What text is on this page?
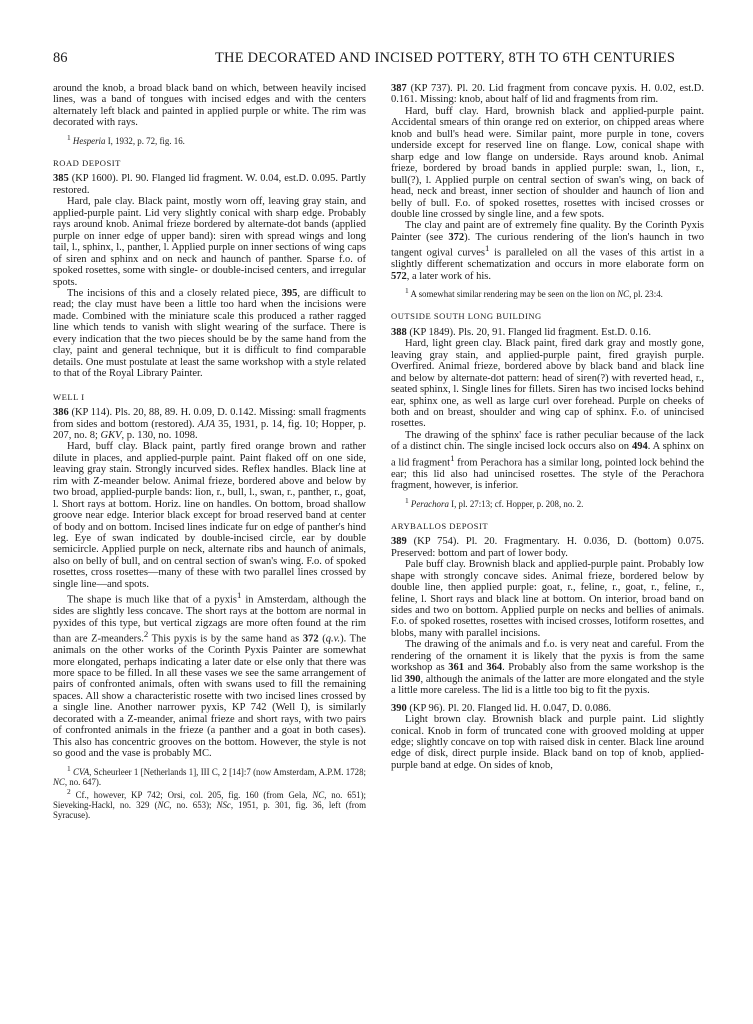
86	THE DECORATED AND INCISED POTTERY, 8TH TO 6TH CENTURIES

around the knob, a broad black band on which, between heavily incised lines, was a band of tongues with incised edges and with the centers alternately left black and painted in applied purple or white. The rim was decorated with rays.

$^1$ Hesperia I, 1932, p. 72, fig. 16.

ROAD DEPOSIT

385 (KP 1600). Pl. 90. Flanged lid fragment. W. 0.04, est.D. 0.095. Partly restored.

Hard, pale clay. Black paint, mostly worn off, leaving gray stain, and applied-purple paint. Lid very slightly conical with sharp edge. Probably rays around knob. Animal frieze bordered by alternate-dot bands (applied purple on inner edge of upper band): siren with spread wings and long tail, l., sphinx, l., panther, l. Applied purple on inner sections of wing caps of siren and sphinx and on neck and haunch of panther. Sparse f.o. of spoked rosettes, some with single- or double-incised centers, and irregular spots.

The incisions of this and a closely related piece, 395, are difficult to read; the clay must have been a little too hard when the incisions were made. Combined with the miniature scale this produced a rather ragged line which tends to vanish with slight wearing of the surface. There is every indication that the two pieces should be by the same hand from the clay, paint and general technique, but it is difficult to find comparable details. One must postulate at least the same workshop with a style related to that of the Royal Library Painter.

WELL I

386 (KP 114). Pls. 20, 88, 89. H. 0.09, D. 0.142. Missing: small fragments from sides and bottom (restored). AJA 35, 1931, p. 14, fig. 10; Hopper, p. 207, no. 8; GKV, p. 130, no. 1098.

Hard, buff clay. Black paint, partly fired orange brown and rather dilute in places, and applied-purple paint. Paint flaked off on one side, leaving gray stain. Strongly incurved sides. Reflex handles. Black line at rim with Z-meander below. Animal frieze, bordered above and below by two broad, applied-purple bands: lion, r., bull, l., swan, r., panther, r., goat, l. Short rays at bottom. Horiz. line on handles. On bottom, broad shallow groove near edge. Interior black except for broad reserved band at center of body and on bottom. Incised lines indicate fur on edge of panther's hind leg. Eye of swan indicated by double-incised circle, ear by double semicircle. Applied purple on neck, alternate ribs and haunch of animals, also on belly of bull, and on central section of swan's wing. F.o. of spoked rosettes, cross rosettes—many of these with two parallel lines crossed by single line—and spots.

The shape is much like that of a pyxis$^1$ in Amsterdam, although the sides are slightly less concave. The short rays at the bottom are normal in pyxides of this type, but vertical zigzags are more often found at the rim than are Z-meanders.$^2$ This pyxis is by the same hand as 372 (q.v.). The animals on the other works of the Corinth Pyxis Painter are somewhat more elongated, perhaps indicating a later date or else only that there was more space to be filled. In all these vases we see the same arrangement of pairs of confronted animals, often with swans used to fill the remaining spaces. All show a characteristic rosette with two incised lines crossed by a single line. Another narrower pyxis, KP 742 (Well I), is similarly decorated with a Z-meander, animal frieze and short rays, with two pairs of confronted animals in the frieze (a panther and a goat in both cases). This also has concentric grooves on the bottom. However, the style is not so good and the vase is probably MC.

$^1$ CVA, Scheurleer 1 [Netherlands 1], III C, 2 [14]:7 (now Amsterdam, A.P.M. 1728; NC, no. 647).

$^2$ Cf., however, KP 742; Orsi, col. 205, fig. 160 (from Gela, NC, no. 651); Sieveking-Hackl, no. 329 (NC, no. 653); NSc, 1951, p. 301, fig. 36, left (from Syracuse).

387 (KP 737). Pl. 20. Lid fragment from concave pyxis. H. 0.02, est.D. 0.161. Missing: knob, about half of lid and fragments from rim.

Hard, buff clay. Hard, brownish black and applied-purple paint. Accidental smears of thin orange red on exterior, on chipped areas where knob and bull's head were. Similar paint, more purple in tone, covers underside except for reserved line on flange. Low, conical shape with sharp edge and low flange on underside. Rays around knob. Animal frieze, bordered by broad bands in applied purple: swan, l., lion, r., bull(?), l. Applied purple on central section of swan's wing, on back of head, neck and breast, inner section of shoulder and haunch of lion and belly of bull. F.o. of spoked rosettes, rosettes with incised crosses or double line crossed by single line, and a few spots.

The clay and paint are of extremely fine quality. By the Corinth Pyxis Painter (see 372). The curious rendering of the lion's haunch in two tangent ogival curves$^1$ is paralleled on all the vases of this artist in a slightly different schematization and occurs in more elaborate form on 572, a later work of his.

$^1$ A somewhat similar rendering may be seen on the lion on NC, pl. 23:4.

OUTSIDE SOUTH LONG BUILDING

388 (KP 1849). Pls. 20, 91. Flanged lid fragment. Est.D. 0.16.

Hard, light green clay. Black paint, fired dark gray and mostly gone, leaving gray stain, and applied-purple paint, fired grayish purple. Overfired. Animal frieze, bordered above by black band and black line and below by alternate-dot pattern: head of siren(?) with reverted head, r., seated sphinx, l. Single lines for fillets. Siren has two incised locks behind ear, sphinx one, as well as large curl over forehead. Purple on cheeks of both and on breast, shoulder and wing cap of sphinx. F.o. of unincised rosettes.

The drawing of the sphinx' face is rather peculiar because of the lack of a distinct chin. The single incised lock occurs also on 494. A sphinx on a lid fragment$^1$ from Perachora has a similar long, pointed lock behind the ear; this lid also had unincised rosettes. The style of the Perachora fragment, however, is inferior.

$^1$ Perachora I, pl. 27:13; cf. Hopper, p. 208, no. 2.

ARYBALLOS DEPOSIT

389 (KP 754). Pl. 20. Fragmentary. H. 0.036, D. (bottom) 0.075. Preserved: bottom and part of lower body.

Pale buff clay. Brownish black and applied-purple paint. Probably low shape with strongly concave sides. Animal frieze, bordered below by double line, then applied purple: goat, r., feline, r., goat, r., feline, r., feline, l. Short rays and black line at bottom. On interior, broad band on sides and two on bottom. Applied purple on necks and bellies of animals. F.o. of spoked rosettes, rosettes with incised crosses, lotiform rosettes, and blobs, many with parallel incisions.

The drawing of the animals and f.o. is very neat and careful. From the rendering of the ornament it is likely that the pyxis is from the same workshop as 361 and 364. Probably also from the same workshop is the lid 390, although the animals of the latter are more elongated and the style a little more careless. The lid is a little too big to fit the pyxis.

390 (KP 96). Pl. 20. Flanged lid. H. 0.047, D. 0.086.

Light brown clay. Brownish black and purple paint. Lid slightly conical. Knob in form of truncated cone with grooved molding at upper edge; slightly concave on top with raised disk in center. Black line around edge of disk, direct purple inside. Black band on top of knob, applied-purple band at edge. On sides of knob,
